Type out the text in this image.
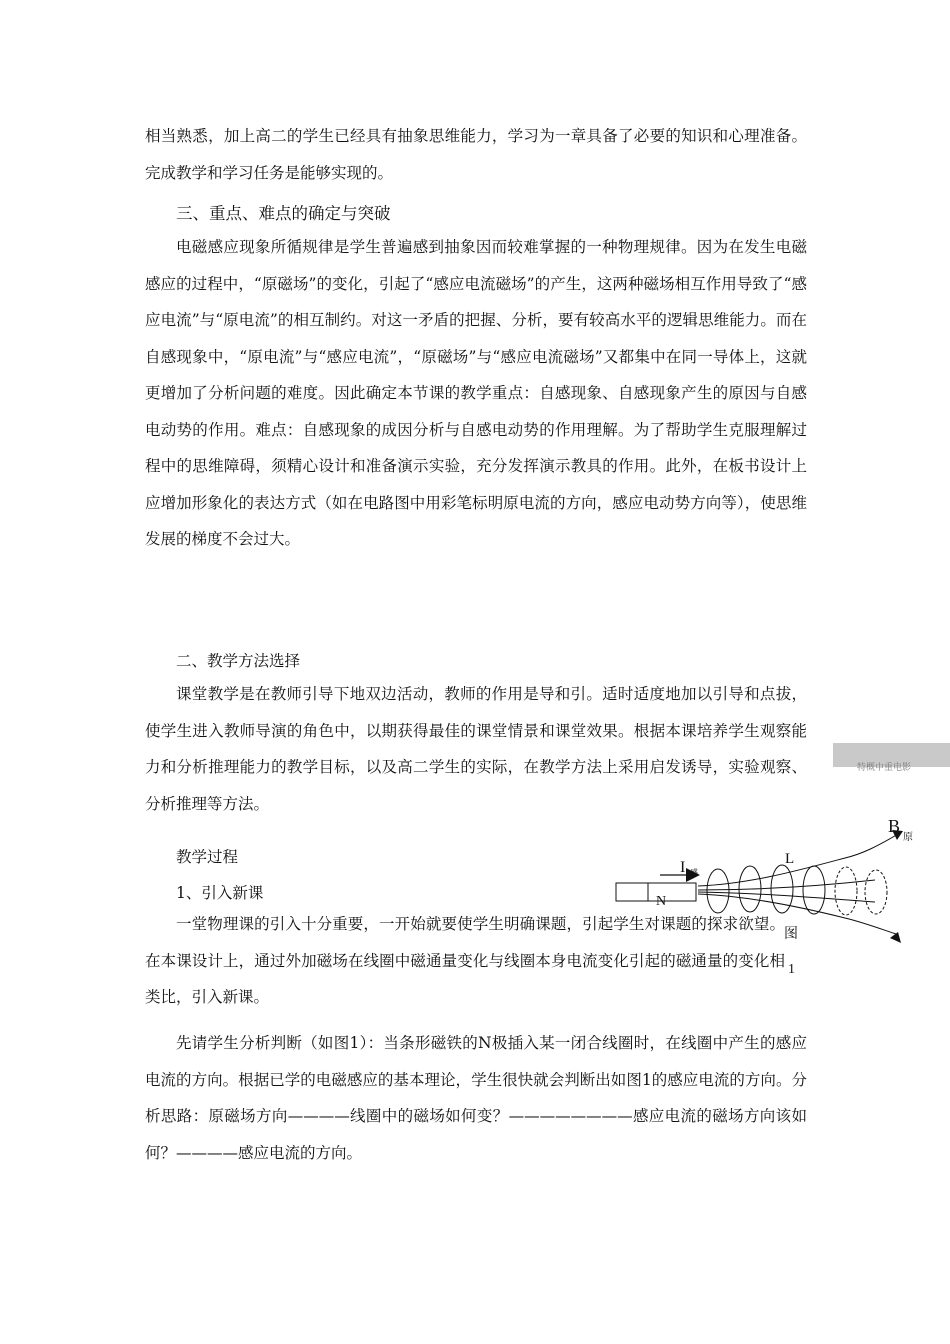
相当熟悉，加上高二的学生已经具有抽象思维能力，学习为一章具备了必要的知识和心理准备。完成教学和学习任务是能够实现的。

三、重点、难点的确定与突破

电磁感应现象所循规律是学生普遍感到抽象因而较难掌握的一种物理规律。因为在发生电磁感应的过程中，“原磁场”的变化，引起了“感应电流磁场”的产生，这两种磁场相互作用导致了“感应电流”与“原电流”的相互制约。对这一矛盾的把握、分析，要有较高水平的逻辑思维能力。而在自感现象中，“原电流”与“感应电流”，“原磁场”与“感应电流磁场”又都集中在同一导体上，这就更增加了分析问题的难度。因此确定本节课的教学重点：自感现象、自感现象产生的原因与自感电动势的作用。难点：自感现象的成因分析与自感电动势的作用理解。为了帮助学生克服理解过程中的思维障碍，须精心设计和准备演示实验，充分发挥演示教具的作用。此外，在板书设计上应增加形象化的表达方式（如在电路图中用彩笔标明原电流的方向，感应电动势方向等），使思维发展的梯度不会过大。

二、教学方法选择

课堂教学是在教师引导下地双边活动，教师的作用是导和引。适时适度地加以引导和点拔，使学生进入教师导演的角色中，以期获得最佳的课堂情景和课堂效果。根据本课培养学生观察能力和分析推理能力的教学目标，以及高二学生的实际，在教学方法上采用启发诱导，实验观察、分析推理等方法。

教学过程
1、引入新课

一堂物理课的引入十分重要，一开始就要使学生明确课题，引起学生对课题的探求欲望。在本课设计上，通过外加磁场在线圈中磁通量变化与线圈本身电流变化引起的磁通量的变化相类比，引入新课。

先请学生分析判断（如图1）：当条形磁铁的N极插入某一闭合线圈时，在线圈中产生的感应电流的方向。根据已学的电磁感应的基本理论，学生很快就会判断出如图1的感应电流的方向。分析思路：原磁场方向————线圈中的磁场如何变？————————感应电流的磁场方向该如何？————感应电流的方向。

特概中重电影
N
I 感
L
B
原
图
1
